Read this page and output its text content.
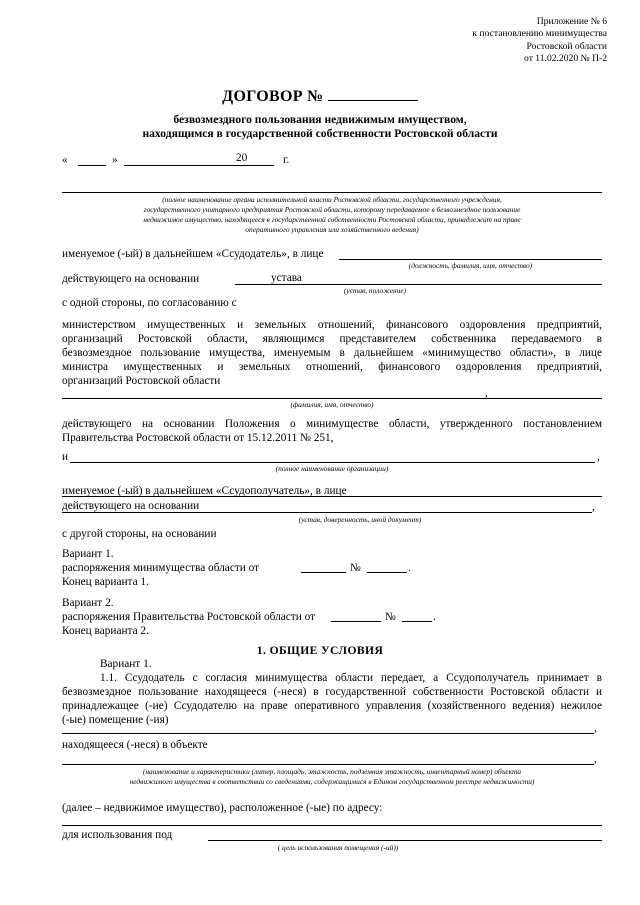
Приложение № 6
к постановлению минимущества
Ростовской области
от 11.02.2020 № П-2
ДОГОВОР №
безвозмездного пользования недвижимым имуществом,
находящимся в государственной собственности Ростовской области
«	»	20	г.
(полное наименование органа исполнительной власти Ростовской области, государственного учреждения,
государственного унитарного предприятия Ростовской области, которому передаваемое в безвозмездное пользование
недвижимое имущество, находящееся в государственной собственности Ростовской области, принадлежит на праве
оперативного управления или хозяйственного ведения)
именуемое (-ый) в дальнейшем «Ссудодатель», в лице
(должность, фамилия, имя, отчество)
действующего на основании	устава
(устав, положение)
с одной стороны, по согласованию с
министерством имущественных и земельных отношений, финансового оздоровления предприятий,
организаций Ростовской области, являющимся представителем собственника передаваемого в
безвозмездное пользование имущества, именуемым в дальнейшем «минимущество области», в лице
министра имущественных и земельных отношений, финансового оздоровления предприятий,
организаций Ростовской области
,
(фамилия, имя, отчество)
действующего на основании Положения о минимуществе области, утвержденного постановлением
Правительства Ростовской области от 15.12.2011 № 251,
и	,
(полное наименование организации)
именуемое (-ый) в дальнейшем «Ссудополучатель», в лице
действующего на основании	,
(устав, доверенность, иной документ)
с другой стороны, на основании
Вариант 1.
распоряжения минимущества области от	№	.
Конец варианта 1.
Вариант 2.
распоряжения Правительства Ростовской области от	№	.
Конец варианта 2.
1. ОБЩИЕ УСЛОВИЯ
Вариант 1.
1.1. Ссудодатель с согласия минимущества области передает, а Ссудополучатель принимает в
безвозмездное пользование находящееся (-неся) в государственной собственности Ростовской области и
принадлежащее (-ие) Ссудодателю на праве оперативного управления (хозяйственного ведения) нежилое
(-ые) помещение (-ия)
,
находящееся (-неся) в объекте
,
(наименование и характеристики (литер, площадь, этажность, подземная этажность, инвентарный номер) объекта
недвижимого имущества в соответствии со сведениями, содержащимися в Едином государственном реестре недвижимости)
(далее – недвижимое имущество), расположенное (-ые) по адресу:
для использования под
( цель использования помещения (-ий))
